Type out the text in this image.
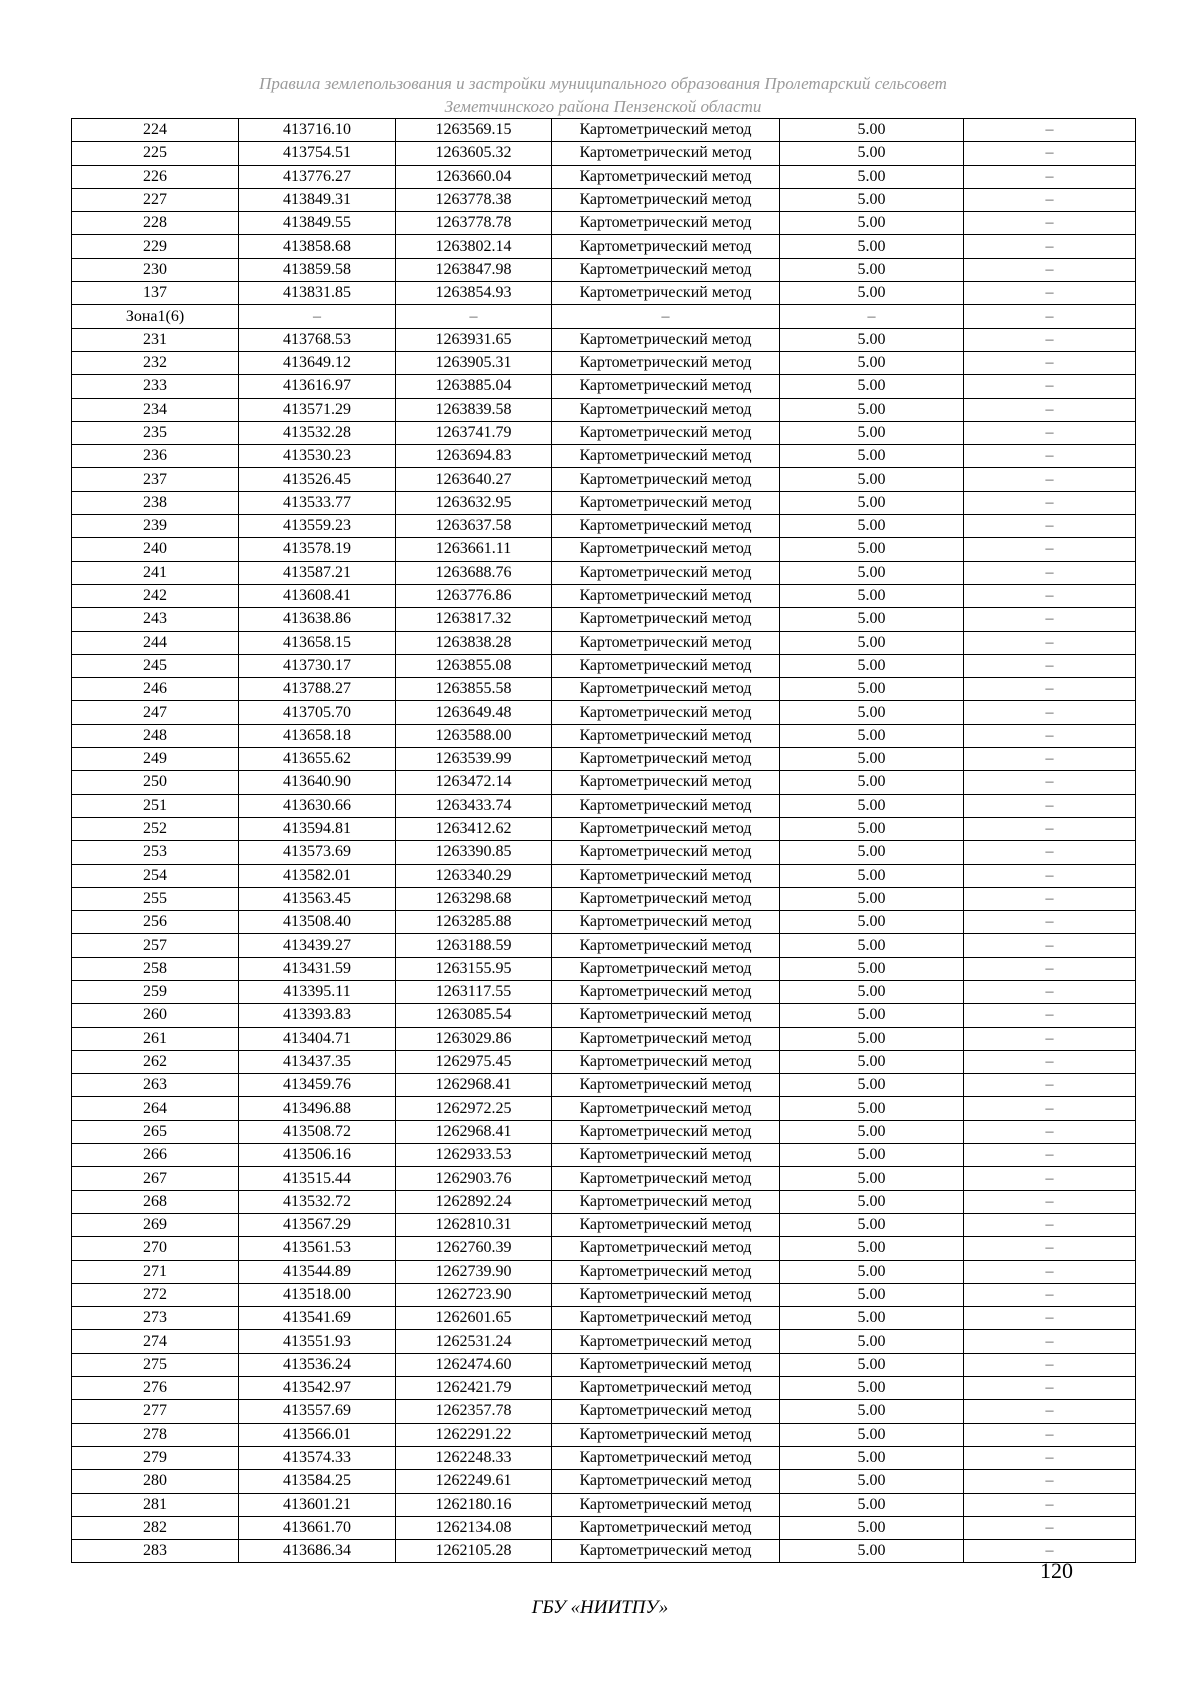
Правила землепользования и застройки муниципального образования Пролетарский сельсовет
Земетчинского района Пензенской области
224	413716.10	1263569.15	Картометрический метод	5.00	–
225	413754.51	1263605.32	Картометрический метод	5.00	–
226	413776.27	1263660.04	Картометрический метод	5.00	–
227	413849.31	1263778.38	Картометрический метод	5.00	–
228	413849.55	1263778.78	Картометрический метод	5.00	–
229	413858.68	1263802.14	Картометрический метод	5.00	–
230	413859.58	1263847.98	Картометрический метод	5.00	–
137	413831.85	1263854.93	Картометрический метод	5.00	–
Зона1(6)	–	–	–	–	–
231	413768.53	1263931.65	Картометрический метод	5.00	–
232	413649.12	1263905.31	Картометрический метод	5.00	–
233	413616.97	1263885.04	Картометрический метод	5.00	–
234	413571.29	1263839.58	Картометрический метод	5.00	–
235	413532.28	1263741.79	Картометрический метод	5.00	–
236	413530.23	1263694.83	Картометрический метод	5.00	–
237	413526.45	1263640.27	Картометрический метод	5.00	–
238	413533.77	1263632.95	Картометрический метод	5.00	–
239	413559.23	1263637.58	Картометрический метод	5.00	–
240	413578.19	1263661.11	Картометрический метод	5.00	–
241	413587.21	1263688.76	Картометрический метод	5.00	–
242	413608.41	1263776.86	Картометрический метод	5.00	–
243	413638.86	1263817.32	Картометрический метод	5.00	–
244	413658.15	1263838.28	Картометрический метод	5.00	–
245	413730.17	1263855.08	Картометрический метод	5.00	–
246	413788.27	1263855.58	Картометрический метод	5.00	–
247	413705.70	1263649.48	Картометрический метод	5.00	–
248	413658.18	1263588.00	Картометрический метод	5.00	–
249	413655.62	1263539.99	Картометрический метод	5.00	–
250	413640.90	1263472.14	Картометрический метод	5.00	–
251	413630.66	1263433.74	Картометрический метод	5.00	–
252	413594.81	1263412.62	Картометрический метод	5.00	–
253	413573.69	1263390.85	Картометрический метод	5.00	–
254	413582.01	1263340.29	Картометрический метод	5.00	–
255	413563.45	1263298.68	Картометрический метод	5.00	–
256	413508.40	1263285.88	Картометрический метод	5.00	–
257	413439.27	1263188.59	Картометрический метод	5.00	–
258	413431.59	1263155.95	Картометрический метод	5.00	–
259	413395.11	1263117.55	Картометрический метод	5.00	–
260	413393.83	1263085.54	Картометрический метод	5.00	–
261	413404.71	1263029.86	Картометрический метод	5.00	–
262	413437.35	1262975.45	Картометрический метод	5.00	–
263	413459.76	1262968.41	Картометрический метод	5.00	–
264	413496.88	1262972.25	Картометрический метод	5.00	–
265	413508.72	1262968.41	Картометрический метод	5.00	–
266	413506.16	1262933.53	Картометрический метод	5.00	–
267	413515.44	1262903.76	Картометрический метод	5.00	–
268	413532.72	1262892.24	Картометрический метод	5.00	–
269	413567.29	1262810.31	Картометрический метод	5.00	–
270	413561.53	1262760.39	Картометрический метод	5.00	–
271	413544.89	1262739.90	Картометрический метод	5.00	–
272	413518.00	1262723.90	Картометрический метод	5.00	–
273	413541.69	1262601.65	Картометрический метод	5.00	–
274	413551.93	1262531.24	Картометрический метод	5.00	–
275	413536.24	1262474.60	Картометрический метод	5.00	–
276	413542.97	1262421.79	Картометрический метод	5.00	–
277	413557.69	1262357.78	Картометрический метод	5.00	–
278	413566.01	1262291.22	Картометрический метод	5.00	–
279	413574.33	1262248.33	Картометрический метод	5.00	–
280	413584.25	1262249.61	Картометрический метод	5.00	–
281	413601.21	1262180.16	Картометрический метод	5.00	–
282	413661.70	1262134.08	Картометрический метод	5.00	–
283	413686.34	1262105.28	Картометрический метод	5.00	–
120
ГБУ «НИИТПУ»
